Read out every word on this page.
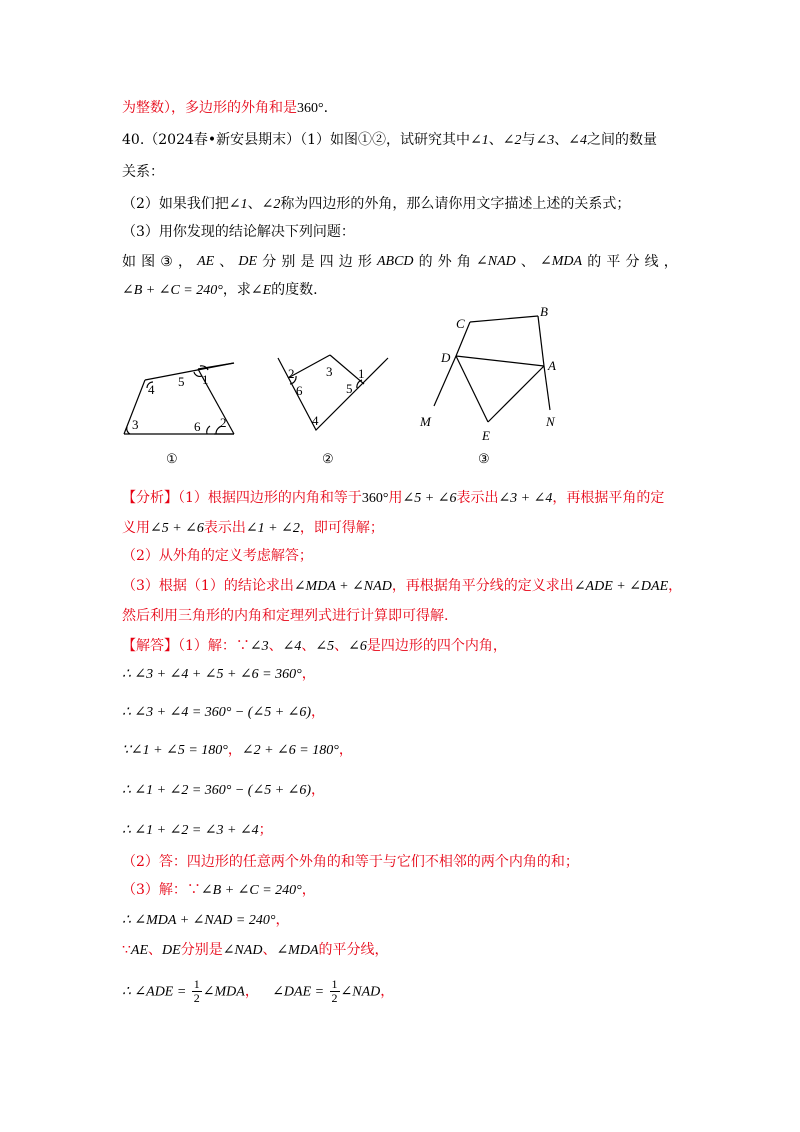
为整数），多边形的外角和是360°.
40.（2024春•新安县期末）（1）如图①②，试研究其中∠1、∠2与∠3、∠4之间的数量
关系：
（2）如果我们把∠1、∠2称为四边形的外角，那么请你用文字描述上述的关系式；
（3）用你发现的结论解决下列问题：
如 图 ③ ， AE 、 DE 分 别 是 四 边 形 ABCD 的 外 角 ∠NAD 、 ∠MDA 的 平 分 线 ，
∠B + ∠C = 240°，求∠E的度数.
4
5 1
3	6 2
①
2 3 1
6	5
4
②
C
B
D
A
M
E
N
③
【分析】（1）根据四边形的内角和等于360°用∠5 + ∠6表示出∠3 + ∠4，再根据平角的定
义用∠5 + ∠6表示出∠1 + ∠2，即可得解；
（2）从外角的定义考虑解答；
（3）根据（1）的结论求出∠MDA + ∠NAD，再根据角平分线的定义求出∠ADE + ∠DAE，
然后利用三角形的内角和定理列式进行计算即可得解.
【解答】（1）解：∵∠3、∠4、∠5、∠6是四边形的四个内角，
∴ ∠3 + ∠4 + ∠5 + ∠6 = 360°，
∴ ∠3 + ∠4 = 360° − (∠5 + ∠6)，
∵∠1 + ∠5 = 180°，∠2 + ∠6 = 180°，
∴ ∠1 + ∠2 = 360° − (∠5 + ∠6)，
∴ ∠1 + ∠2 = ∠3 + ∠4；
（2）答：四边形的任意两个外角的和等于与它们不相邻的两个内角的和；
（3）解：∵∠B + ∠C = 240°，
∴ ∠MDA + ∠NAD = 240°，
∵AE、DE分别是∠NAD、∠MDA的平分线，
∴ ∠ADE = $\frac{1}{2}$ ∠MDA， ∠DAE = $\frac{1}{2}$ ∠NAD，
